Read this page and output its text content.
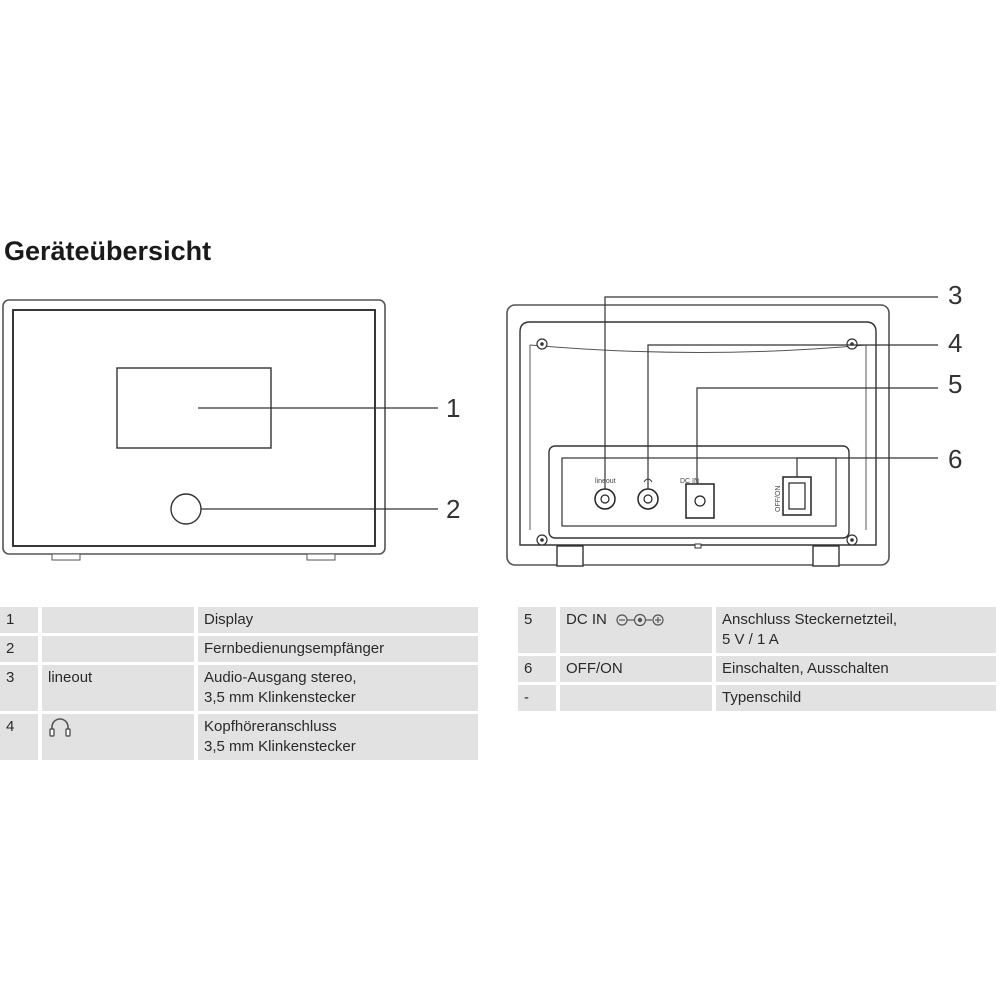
Geräteübersicht
1
2
lineout	DC IN
OFF/ON
3
4
5
6
1		Display
2		Fernbedienungsempfänger
3	lineout	Audio-Ausgang stereo,
3,5 mm Klinkenstecker

4		Kopfhöreranschluss
3,5 mm Klinkenstecker
5	DC IN	Anschluss Steckernetzteil,
5 V / 1 A

6	OFF/ON	Einschalten, Ausschalten
-		Typenschild
